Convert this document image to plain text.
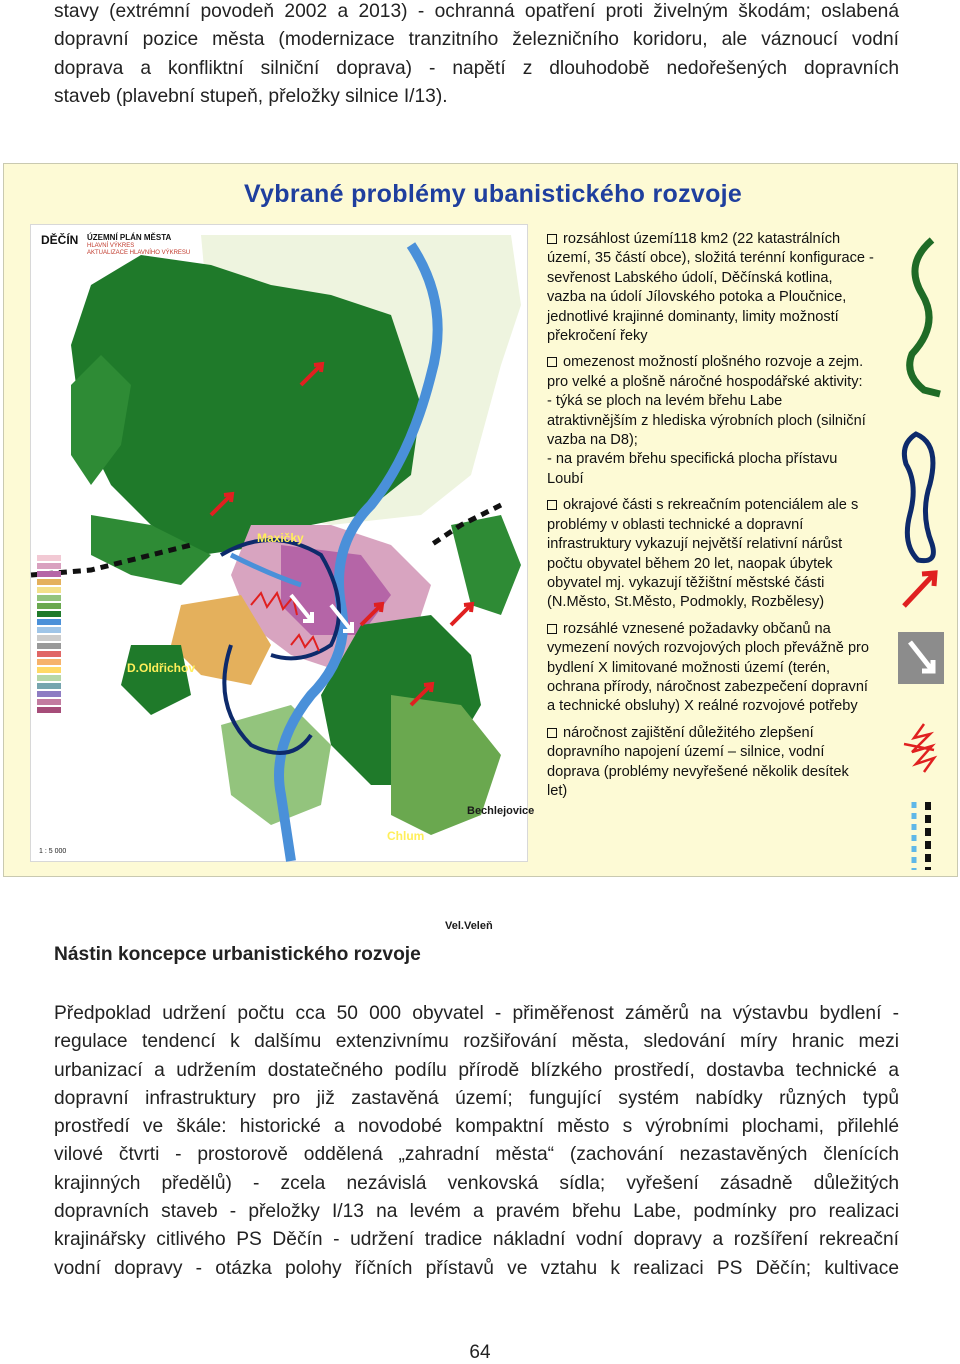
stavy (extrémní povodeň 2002 a 2013) - ochranná opatření proti živelným škodám; oslabená
dopravní pozice města (modernizace tranzitního železničního koridoru, ale váznoucí vodní
doprava a konfliktní silniční doprava) - napětí z dlouhodobě nedořešených dopravních
staveb (plavební stupeň, přeložky silnice I/13).
Vybrané problémy ubanistického rozvoje
DĚČÍN ÚZEMNÍ PLÁN MĚSTA
HLAVNÍ VÝKRES
AKTUALIZACE HLAVNÍHO VÝKRESU
Maxičky
D.Oldřichov
Bechlejovice
Chlum
Vel.Veleň
1 : 5 000
rozsáhlost území118 km2 (22 katastrálních
území, 35 částí obce), složitá terénní konfigurace -
sevřenost Labského údolí, Děčínská kotlina,
vazba na údolí Jílovského potoka a Ploučnice,
jednotlivé krajinné dominanty, limity možností
překročení řeky
omezenost možností plošného rozvoje a zejm.
pro velké a plošně náročné hospodářské aktivity:
- týká se ploch na levém břehu Labe
atraktivnějším z hlediska výrobních ploch (silniční
vazba na D8);
- na pravém břehu specifická plocha přístavu
Loubí
okrajové části s rekreačním potenciálem ale s
problémy v oblasti technické a dopravní
infrastruktury vykazují největší relativní nárůst
počtu obyvatel během 20 let, naopak úbytek
obyvatel mj. vykazují těžištní městské části
(N.Město, St.Město, Podmokly, Rozbělesy)
rozsáhlé vznesené požadavky občanů na
vymezení nových rozvojových ploch převážně pro
bydlení X limitované možnosti území (terén,
ochrana přírody, náročnost zabezpečení dopravní
a technické obsluhy) X reálné rozvojové potřeby
náročnost zajištění důležitého zlepšení
dopravního napojení území – silnice, vodní
doprava (problémy nevyřešené několik desítek
let)
Nástin koncepce urbanistického rozvoje
Předpoklad udržení počtu cca 50 000 obyvatel - přiměřenost záměrů na výstavbu bydlení -
regulace tendencí k dalšímu extenzivnímu rozšiřování města, sledování míry hranic mezi
urbanizací a udržením dostatečného podílu přírodě blízkého prostředí, dostavba technické a
dopravní infrastruktury pro již zastavěná území; fungující systém nabídky různých typů
prostředí ve škále: historické a novodobé kompaktní město s výrobními plochami, přilehlé
vilové čtvrti - prostorově oddělená „zahradní města“ (zachování nezastavěných členících
krajinných předělů) - zcela nezávislá venkovská sídla; vyřešení zásadně důležitých
dopravních staveb - přeložky I/13 na levém a pravém břehu Labe, podmínky pro realizaci
krajinářsky citlivého PS Děčín - udržení tradice nákladní vodní dopravy a rozšíření rekreační
vodní dopravy - otázka polohy říčních přístavů ve vztahu k realizaci PS Děčín; kultivace
64
